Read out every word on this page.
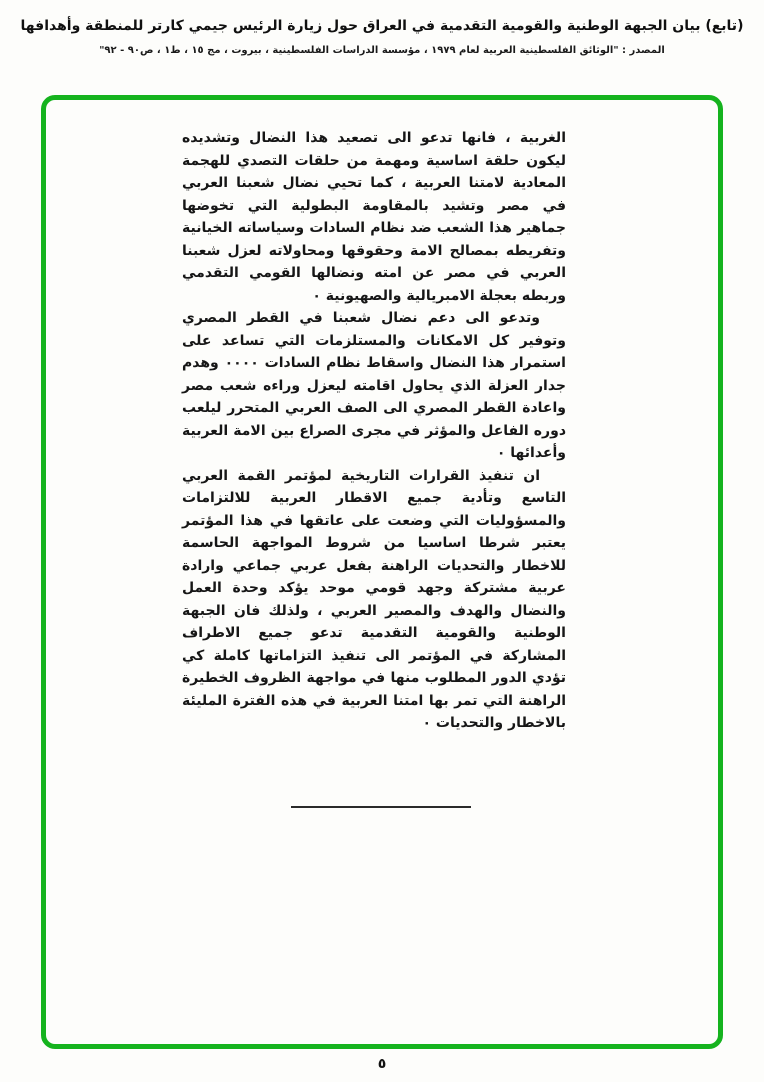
(تابع) بيان الجبهة الوطنية والقومية التقدمية في العراق حول زيارة الرئيس جيمي كارتر للمنطقة وأهدافها
المصدر : "الوثائق الفلسطينية العربية لعام ١٩٧٩ ، مؤسسة الدراسات الفلسطينية ، بيروت ، مج ١٥ ، ط١ ، ص٩٠ - ٩٢"

الغربية ، فانها تدعو الى تصعيد هذا النضال وتشديده ليكون حلقة اساسية ومهمة من حلقات التصدي للهجمة المعادية لامتنا العربية ، كما تحيي نضال شعبنا العربي في مصر وتشيد بالمقاومة البطولية التي تخوضها جماهير هذا الشعب ضد نظام السادات وسياساته الخيانية وتفريطه بمصالح الامة وحقوقها ومحاولاته لعزل شعبنا العربي في مصر عن امته ونضالها القومي التقدمي وربطه بعجلة الامبريالية والصهيونية ٠

وتدعو الى دعم نضال شعبنا في القطر المصري وتوفير كل الامكانات والمستلزمات التي تساعد على استمرار هذا النضال واسقاط نظام السادات ٠٠٠٠ وهدم جدار العزلة الذي يحاول اقامته ليعزل وراءه شعب مصر واعادة القطر المصري الى الصف العربي المتحرر ليلعب دوره الفاعل والمؤثر في مجرى الصراع بين الامة العربية وأعدائها ٠

ان تنفيذ القرارات التاريخية لمؤتمر القمة العربي التاسع وتأدية جميع الاقطار العربية للالتزامات والمسؤوليات التي وضعت على عاتقها في هذا المؤتمر يعتبر شرطا اساسيا من شروط المواجهة الحاسمة للاخطار والتحديات الراهنة بفعل عربي جماعي وارادة عربية مشتركة وجهد قومي موحد يؤكد وحدة العمل والنضال والهدف والمصير العربي ، ولذلك فان الجبهة الوطنية والقومية التقدمية تدعو جميع الاطراف المشاركة في المؤتمر الى تنفيذ التزاماتها كاملة كي تؤدي الدور المطلوب منها في مواجهة الظروف الخطيرة الراهنة التي تمر بها امتنا العربية في هذه الفترة المليئة بالاخطار والتحديات ٠

٥
